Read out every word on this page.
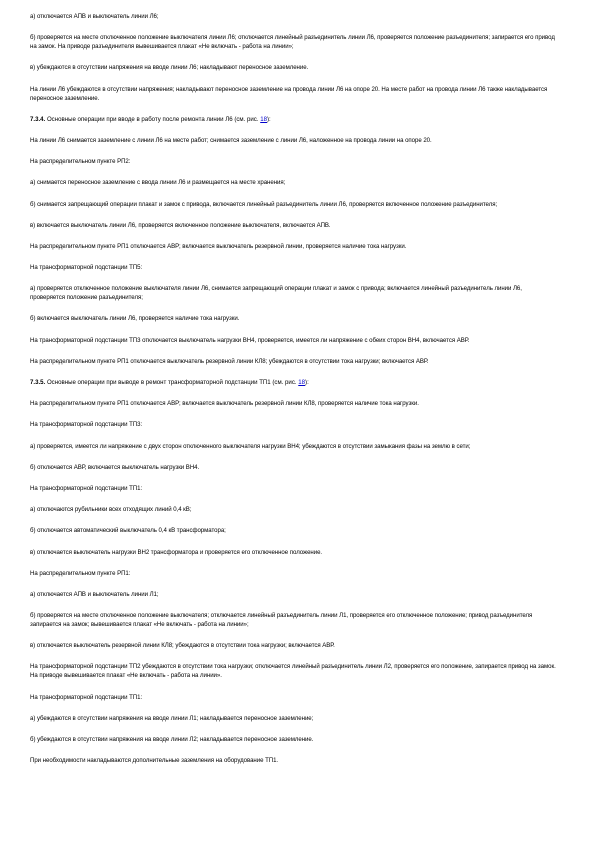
а) отключается АПВ и выключатель линии Л6;
б) проверяется на месте отключенное положение выключателя линии Л6; отключается линейный разъединитель линии Л6, проверяется положение разъединителя; запирается его привод на замок. На приводе разъединителя вывешивается плакат «Не включать - работа на линии»;
в) убеждаются в отсутствии напряжения на вводе линии Л6; накладывают переносное заземление.
На линии Л6 убеждаются в отсутствии напряжения; накладывают переносное заземление на провода линии Л6 на опоре 20. На месте работ на провода линии Л6 также накладывается переносное заземление.
7.3.4. Основные операции при вводе в работу после ремонта линии Л6 (см. рис. 18):
На линии Л6 снимается заземление с линии Л6 на месте работ; снимается заземление с линии Л6, наложенное на провода линии на опоре 20.
На распределительном пункте РП2:
а) снимается переносное заземление с ввода линии Л6 и размещается на месте хранения;
б) снимается запрещающий операции плакат и замок с привода, включается линейный разъединитель линии Л6, проверяется включенное положение разъединителя;
в) включается выключатель линии Л6, проверяется включенное положение выключателя, включается АПВ.
На распределительном пункте РП1 отключается АВР; включается выключатель резервной линии, проверяется наличие тока нагрузки.
На трансформаторной подстанции ТП5:
а) проверяется отключенное положение выключателя линии Л6, снимается запрещающий операции плакат и замок с привода; включается линейный разъединитель линии Л6, проверяется положение разъединителя;
б) включается выключатель линии Л6, проверяется наличие тока нагрузки.
На трансформаторной подстанции ТП3 отключается выключатель нагрузки ВН4, проверяется, имеется ли напряжение с обеих сторон ВН4, включается АВР.
На распределительном пункте РП1 отключается выключатель резервной линии КЛ8; убеждаются в отсутствии тока нагрузки; включается АВР.
7.3.5. Основные операции при выводе в ремонт трансформаторной подстанции ТП1 (см. рис. 18):
На распределительном пункте РП1 отключается АВР; включается выключатель резервной линии КЛ8, проверяется наличие тока нагрузки.
На трансформаторной подстанции ТП3:
а) проверяется, имеется ли напряжение с двух сторон отключенного выключателя нагрузки ВН4; убеждаются в отсутствии замыкания фазы на землю в сети;
б) отключается АВР, включается выключатель нагрузки ВН4.
На трансформаторной подстанции ТП1:
а) отключаются рубильники всех отходящих линий 0,4 кВ;
б) отключается автоматический выключатель 0,4 кВ трансформатора;
в) отключается выключатель нагрузки ВН2 трансформатора и проверяется его отключенное положение.
На распределительном пункте РП1:
а) отключается АПВ и выключатель линии Л1;
б) проверяется на месте отключенное положение выключателя; отключается линейный разъединитель линии Л1, проверяется его отключенное положение; привод разъединителя запирается на замок; вывешивается плакат «Не включать - работа на линии»;
в) отключается выключатель резервной линии КЛ8; убеждаются в отсутствии тока нагрузки; включается АВР.
На трансформаторной подстанции ТП2 убеждаются в отсутствии тока нагрузки; отключается линейный разъединитель линии Л2, проверяется его положение, запирается привод на замок. На приводе вывешивается плакат «Не включать - работа на линии».
На трансформаторной подстанции ТП1:
а) убеждаются в отсутствии напряжения на вводе линии Л1; накладывается переносное заземление;
б) убеждаются в отсутствии напряжения на вводе линии Л2; накладывается переносное заземление.
При необходимости накладываются дополнительные заземления на оборудование ТП1.
